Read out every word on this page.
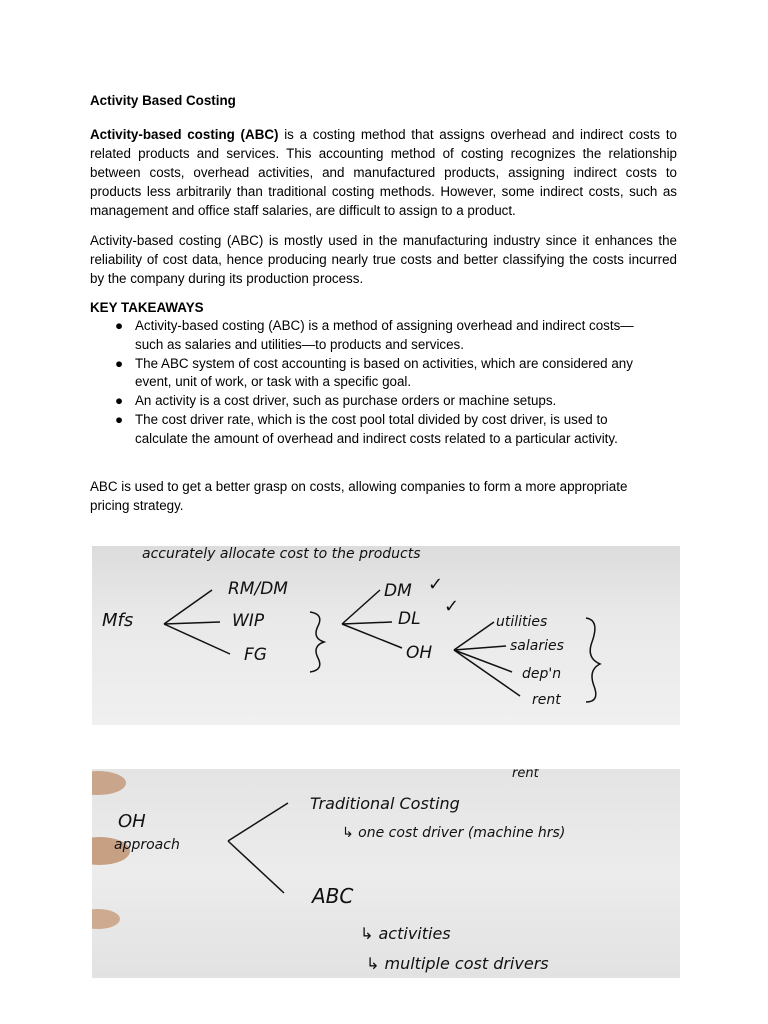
Activity Based Costing

Activity-based costing (ABC) is a costing method that assigns overhead and indirect costs to related products and services. This accounting method of costing recognizes the relationship between costs, overhead activities, and manufactured products, assigning indirect costs to products less arbitrarily than traditional costing methods. However, some indirect costs, such as management and office staff salaries, are difficult to assign to a product.

Activity-based costing (ABC) is mostly used in the manufacturing industry since it enhances the reliability of cost data, hence producing nearly true costs and better classifying the costs incurred by the company during its production process.

KEY TAKEAWAYS
● Activity-based costing (ABC) is a method of assigning overhead and indirect costs—such as salaries and utilities—to products and services.
● The ABC system of cost accounting is based on activities, which are considered any event, unit of work, or task with a specific goal.
● An activity is a cost driver, such as purchase orders or machine setups.
● The cost driver rate, which is the cost pool total divided by cost driver, is used to calculate the amount of overhead and indirect costs related to a particular activity.

ABC is used to get a better grasp on costs, allowing companies to form a more appropriate pricing strategy.

accurately allocate cost to the products
Mfs
RM/DM
WIP
FG
DM ✓
DL
✓
OH
utilities
salaries
dep'n
rent
rent
OH
approach
Traditional Costing
↳ one cost driver (machine hrs)
ABC
↳ activities
↳ multiple cost drivers
